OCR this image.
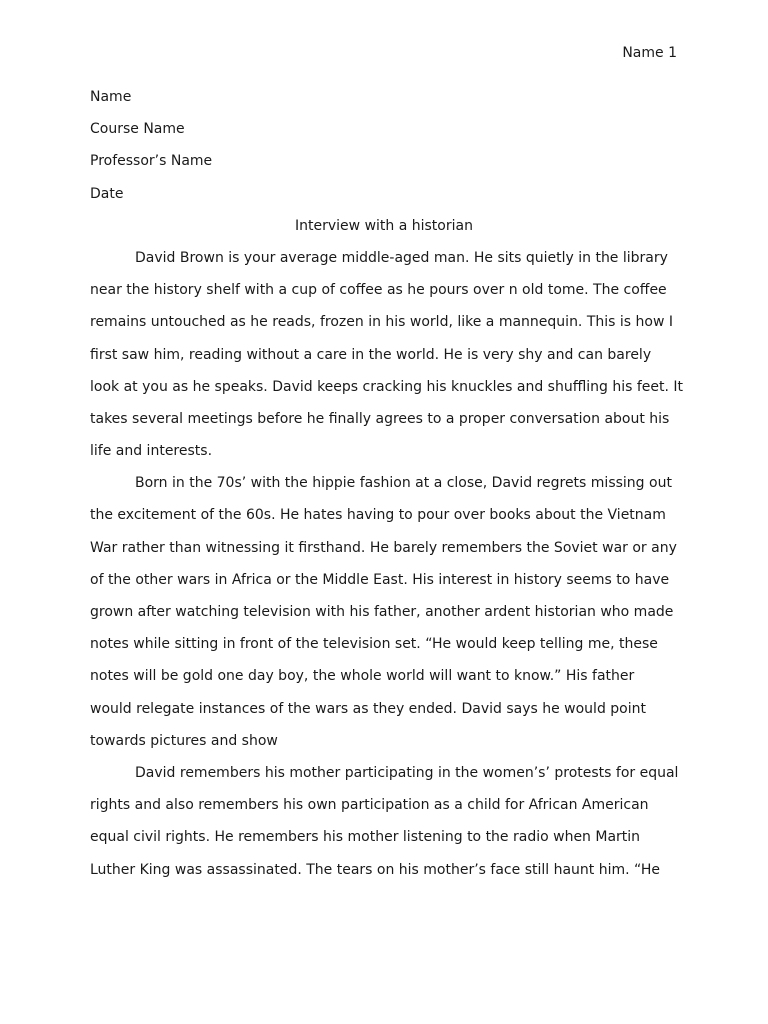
Name 1
Name
Course Name
Professor’s Name
Date
Interview with a historian
David Brown is your average middle-aged man. He sits quietly in the library
near the history shelf with a cup of coffee as he pours over n old tome. The coffee
remains untouched as he reads, frozen in his world, like a mannequin. This is how I
first saw him, reading without a care in the world. He is very shy and can barely
look at you as he speaks. David keeps cracking his knuckles and shuffling his feet. It
takes several meetings before he finally agrees to a proper conversation about his
life and interests.
Born in the 70s’ with the hippie fashion at a close, David regrets missing out
the excitement of the 60s. He hates having to pour over books about the Vietnam
War rather than witnessing it firsthand. He barely remembers the Soviet war or any
of the other wars in Africa or the Middle East. His interest in history seems to have
grown after watching television with his father, another ardent historian who made
notes while sitting in front of the television set. “He would keep telling me, these
notes will be gold one day boy, the whole world will want to know.” His father
would relegate instances of the wars as they ended. David says he would point
towards pictures and show
David remembers his mother participating in the women’s’ protests for equal
rights and also remembers his own participation as a child for African American
equal civil rights. He remembers his mother listening to the radio when Martin
Luther King was assassinated. The tears on his mother’s face still haunt him. “He
